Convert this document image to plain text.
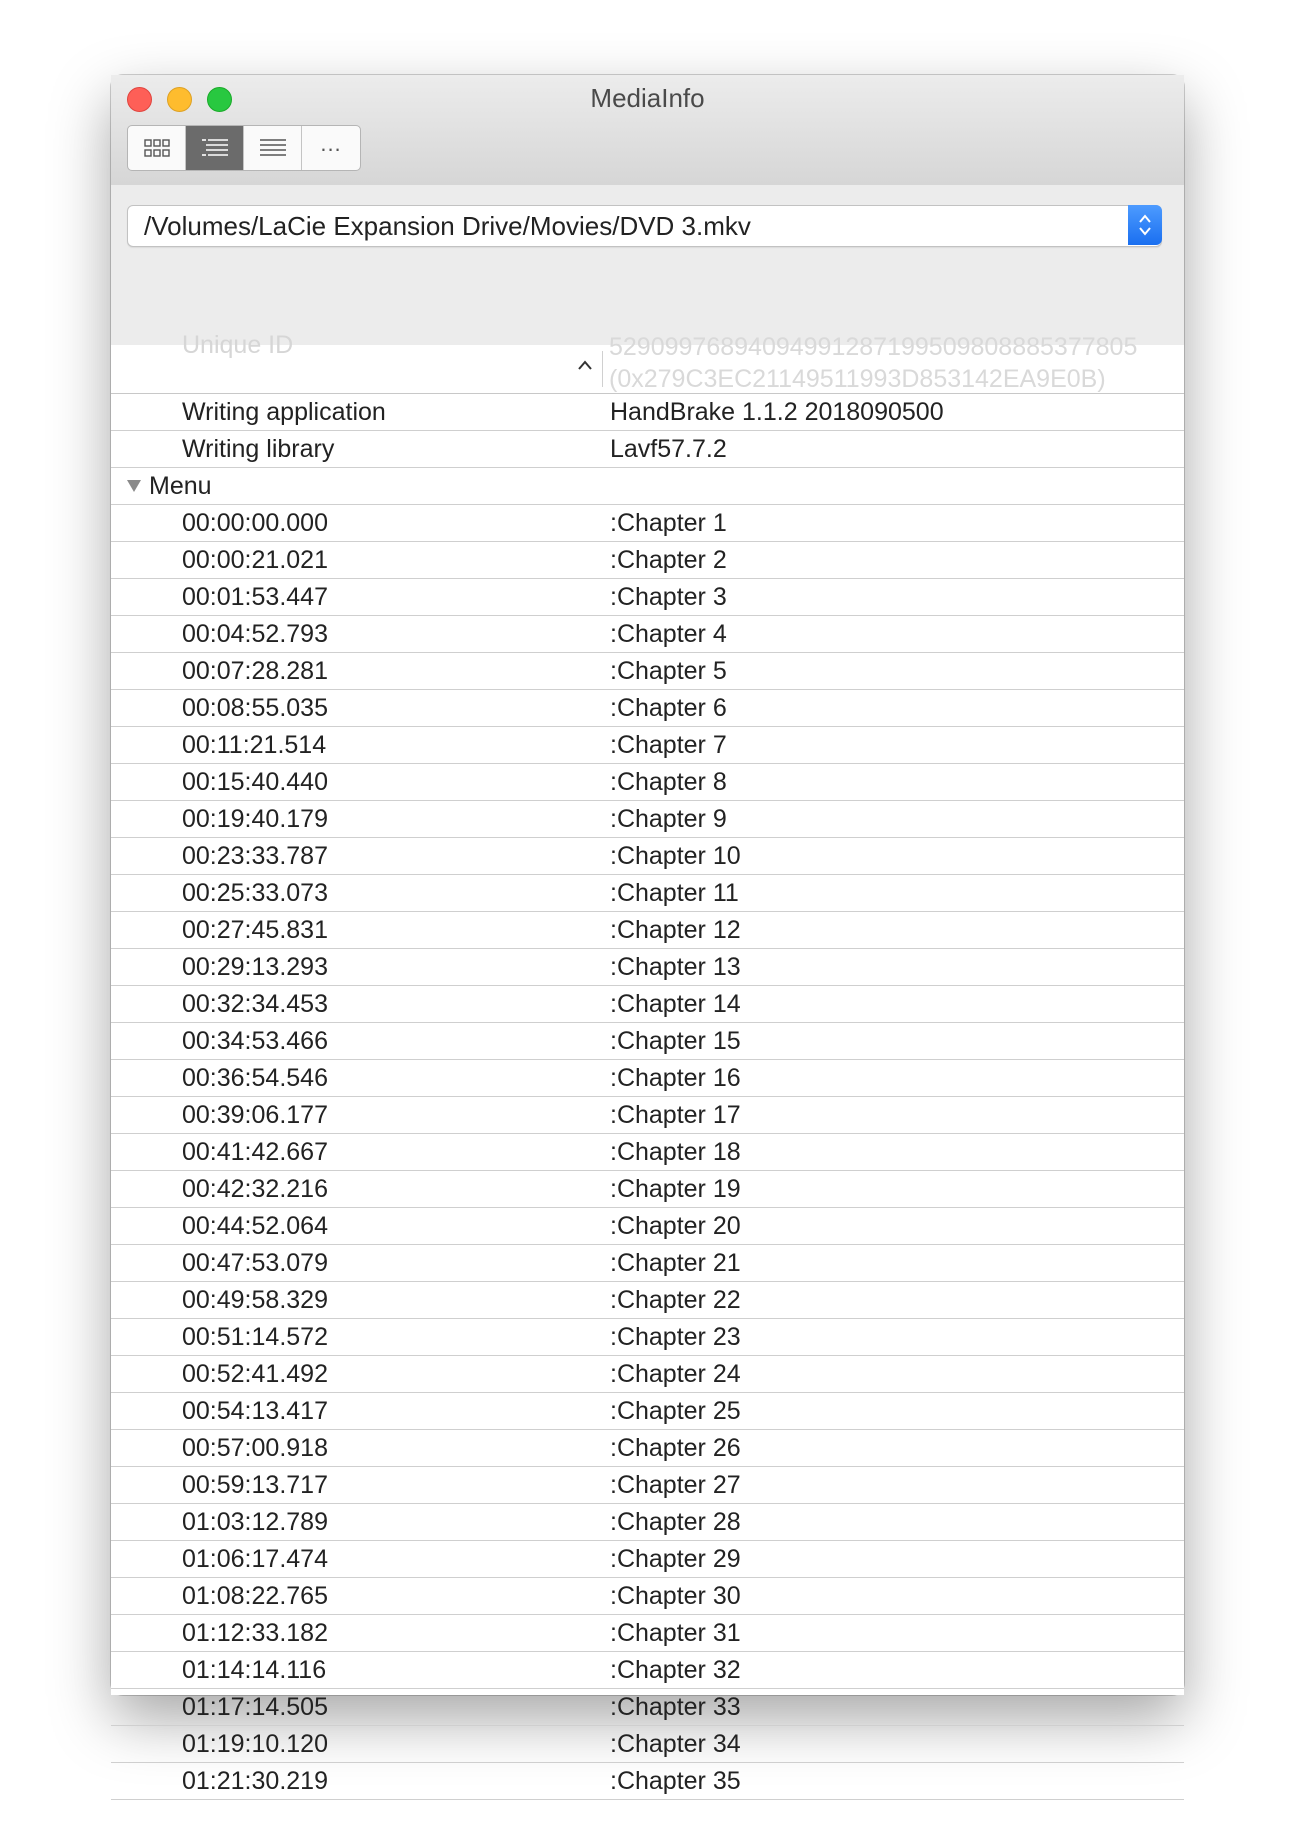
MediaInfo
...
/Volumes/LaCie Expansion Drive/Movies/DVD 3.mkv
Unique ID	52909976894094991287199509808885377805
(0x279C3EC21149511993D853142EA9E0B)
Writing application	HandBrake 1.1.2 2018090500
Writing library	Lavf57.7.2
Menu
00:00:00.000	:Chapter 1
00:00:21.021	:Chapter 2
00:01:53.447	:Chapter 3
00:04:52.793	:Chapter 4
00:07:28.281	:Chapter 5
00:08:55.035	:Chapter 6
00:11:21.514	:Chapter 7
00:15:40.440	:Chapter 8
00:19:40.179	:Chapter 9
00:23:33.787	:Chapter 10
00:25:33.073	:Chapter 11
00:27:45.831	:Chapter 12
00:29:13.293	:Chapter 13
00:32:34.453	:Chapter 14
00:34:53.466	:Chapter 15
00:36:54.546	:Chapter 16
00:39:06.177	:Chapter 17
00:41:42.667	:Chapter 18
00:42:32.216	:Chapter 19
00:44:52.064	:Chapter 20
00:47:53.079	:Chapter 21
00:49:58.329	:Chapter 22
00:51:14.572	:Chapter 23
00:52:41.492	:Chapter 24
00:54:13.417	:Chapter 25
00:57:00.918	:Chapter 26
00:59:13.717	:Chapter 27
01:03:12.789	:Chapter 28
01:06:17.474	:Chapter 29
01:08:22.765	:Chapter 30
01:12:33.182	:Chapter 31
01:14:14.116	:Chapter 32
01:17:14.505	:Chapter 33
01:19:10.120	:Chapter 34
01:21:30.219	:Chapter 35
